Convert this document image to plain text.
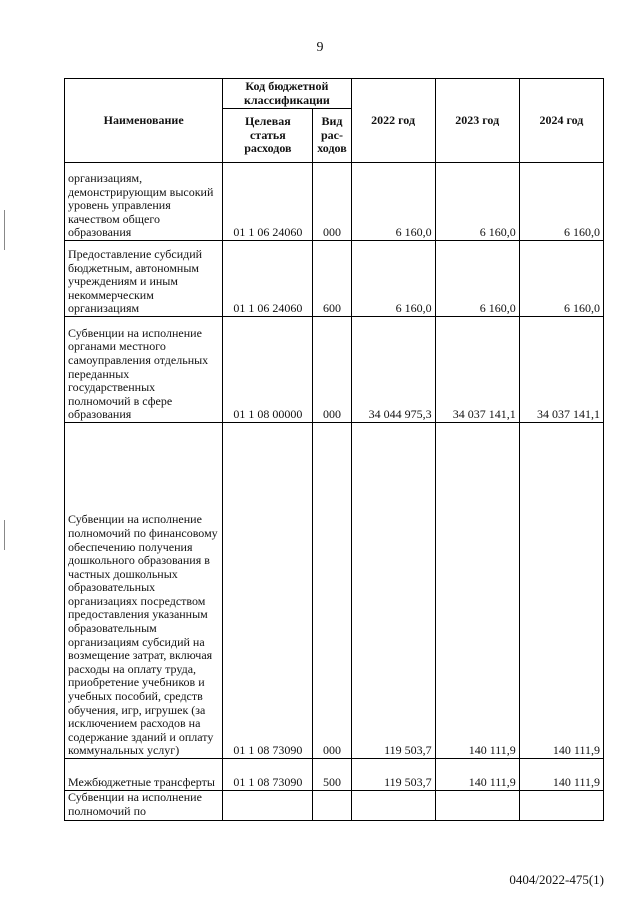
9
Наименование	Код бюджетной классификации		2022 год	2023 год	2024 год
	Целевая статья расходов	Вид рас-ходов			
организациям, демонстрирующим высокий уровень управления качеством общего образования	01 1 06 24060	000	6 160,0	6 160,0	6 160,0
Предоставление субсидий бюджетным, автономным учреждениям и иным некоммерческим организациям	01 1 06 24060	600	6 160,0	6 160,0	6 160,0
Субвенции на исполнение органами местного самоуправления отдельных переданных государственных полномочий в сфере образования	01 1 08 00000	000	34 044 975,3	34 037 141,1	34 037 141,1
Субвенции на исполнение полномочий по финансовому обеспечению получения дошкольного образования в частных дошкольных образовательных организациях посредством предоставления указанным образовательным организациям субсидий на возмещение затрат, включая расходы на оплату труда, приобретение учебников и учебных пособий, средств обучения, игр, игрушек (за исключением расходов на содержание зданий и оплату коммунальных услуг)	01 1 08 73090	000	119 503,7	140 111,9	140 111,9
Межбюджетные трансферты	01 1 08 73090	500	119 503,7	140 111,9	140 111,9
Субвенции на исполнение полномочий по					
0404/2022-475(1)
